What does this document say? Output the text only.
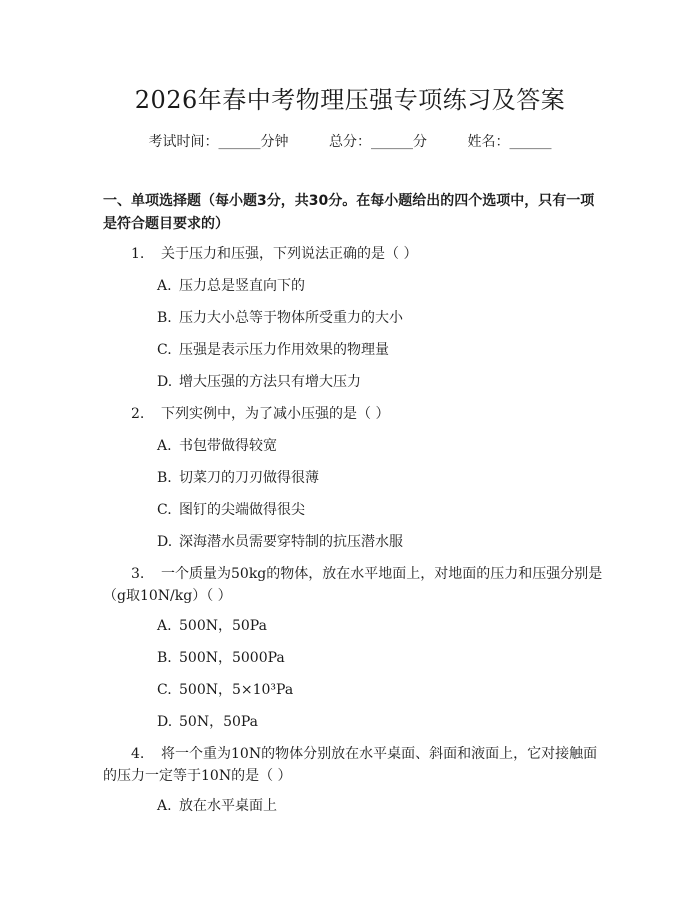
2026年春中考物理压强专项练习及答案
考试时间：______分钟	总分：______分	姓名：______
一、单项选择题（每小题3分，共30分。在每小题给出的四个选项中，只有一项是符合题目要求的）
1. 关于压力和压强，下列说法正确的是（ ）
A. 压力总是竖直向下的
B. 压力大小总等于物体所受重力的大小
C. 压强是表示压力作用效果的物理量
D. 增大压强的方法只有增大压力
2. 下列实例中，为了减小压强的是（ ）
A. 书包带做得较宽
B. 切菜刀的刀刃做得很薄
C. 图钉的尖端做得很尖
D. 深海潜水员需要穿特制的抗压潜水服
3. 一个质量为50kg的物体，放在水平地面上，对地面的压力和压强分别是（g取10N/kg）（ ）
A. 500N，50Pa
B. 500N，5000Pa
C. 500N，5×10³Pa
D. 50N，50Pa
4. 将一个重为10N的物体分别放在水平桌面、斜面和液面上，它对接触面的压力一定等于10N的是（ ）
A. 放在水平桌面上
